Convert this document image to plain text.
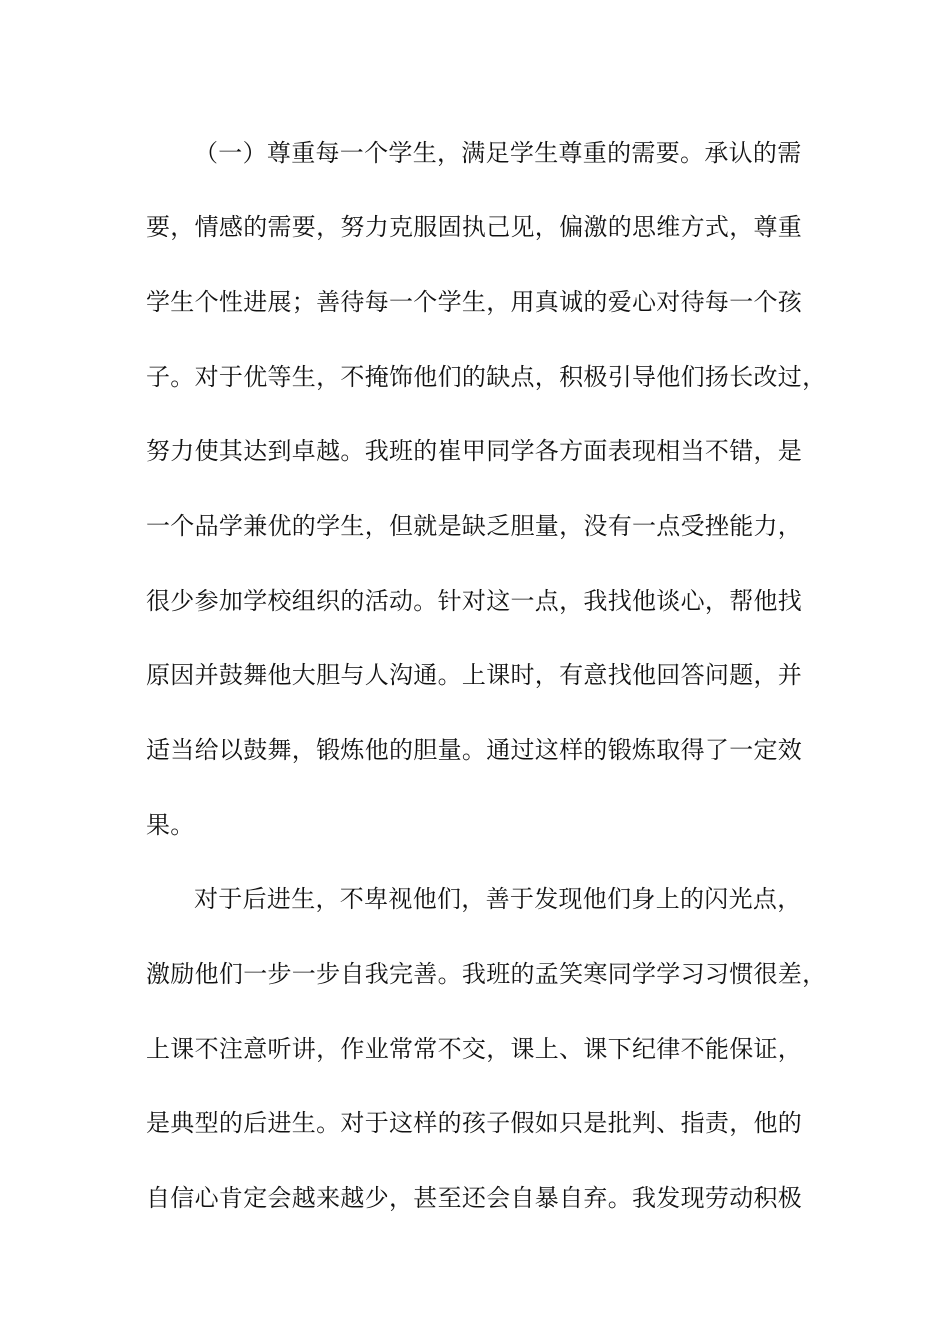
（一）尊重每一个学生，满足学生尊重的需要。承认的需
要，情感的需要，努力克服固执己见，偏激的思维方式，尊重
学生个性进展；善待每一个学生，用真诚的爱心对待每一个孩
子。对于优等生，不掩饰他们的缺点，积极引导他们扬长改过，
努力使其达到卓越。我班的崔甲同学各方面表现相当不错，是
一个品学兼优的学生，但就是缺乏胆量，没有一点受挫能力，
很少参加学校组织的活动。针对这一点，我找他谈心，帮他找
原因并鼓舞他大胆与人沟通。上课时，有意找他回答问题，并
适当给以鼓舞，锻炼他的胆量。通过这样的锻炼取得了一定效
果。
对于后进生，不卑视他们，善于发现他们身上的闪光点，
激励他们一步一步自我完善。我班的孟笑寒同学学习习惯很差，
上课不注意听讲，作业常常不交，课上、课下纪律不能保证，
是典型的后进生。对于这样的孩子假如只是批判、指责，他的
自信心肯定会越来越少，甚至还会自暴自弃。我发现劳动积极
